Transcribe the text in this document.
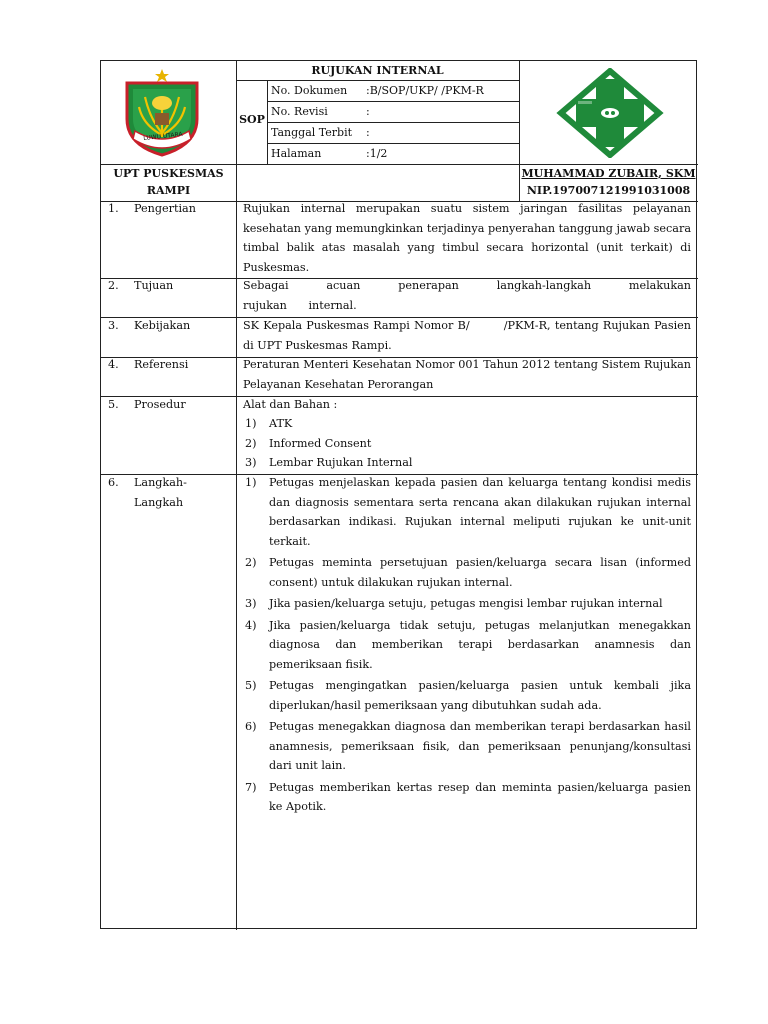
LUWU UTARA
RUJUKAN INTERNAL
SOP
No. Dokumen :B/SOP/UKP/ /PKM-R
No. Revisi	:
Tanggal Terbit :
Halaman	:1/2
UPT PUSKESMAS
RAMPI
MUHAMMAD ZUBAIR, SKM
NIP.197007121991031008
1. Pengertian	Rujukan internal merupakan suatu sistem jaringan fasilitas pelayanan kesehatan yang memungkinkan terjadinya penyerahan tanggung jawab secara timbal balik atas masalah yang timbul secara horizontal (unit terkait) di Puskesmas.
2. Tujuan	Sebagai acuan penerapan langkah-langkah melakukan rujukan internal.
3. Kebijakan	SK Kepala Puskesmas Rampi Nomor B/        /PKM-R, tentang Rujukan Pasien di UPT Puskesmas Rampi.
4. Referensi	Peraturan Menteri Kesehatan Nomor 001 Tahun 2012 tentang Sistem Rujukan Pelayanan Kesehatan Perorangan
5. Prosedur	Alat dan Bahan :
1) ATK
2) Informed Consent
3) Lembar Rujukan Internal
6. Langkah-
Langkah
1) Petugas menjelaskan kepada pasien dan keluarga tentang kondisi medis dan diagnosis sementara serta rencana akan dilakukan rujukan internal berdasarkan indikasi. Rujukan internal meliputi rujukan ke unit-unit terkait.
2) Petugas meminta persetujuan pasien/keluarga secara lisan (informed consent) untuk dilakukan rujukan internal.
3) Jika pasien/keluarga setuju, petugas mengisi lembar rujukan internal
4) Jika pasien/keluarga tidak setuju, petugas melanjutkan menegakkan diagnosa dan memberikan terapi berdasarkan anamnesis dan pemeriksaan fisik.
5) Petugas mengingatkan pasien/keluarga pasien untuk kembali jika diperlukan/hasil pemeriksaan yang dibutuhkan sudah ada.
6) Petugas menegakkan diagnosa dan memberikan terapi berdasarkan hasil anamnesis, pemeriksaan fisik, dan pemeriksaan penunjang/konsultasi dari unit lain.
7) Petugas memberikan kertas resep dan meminta pasien/keluarga pasien ke Apotik.
